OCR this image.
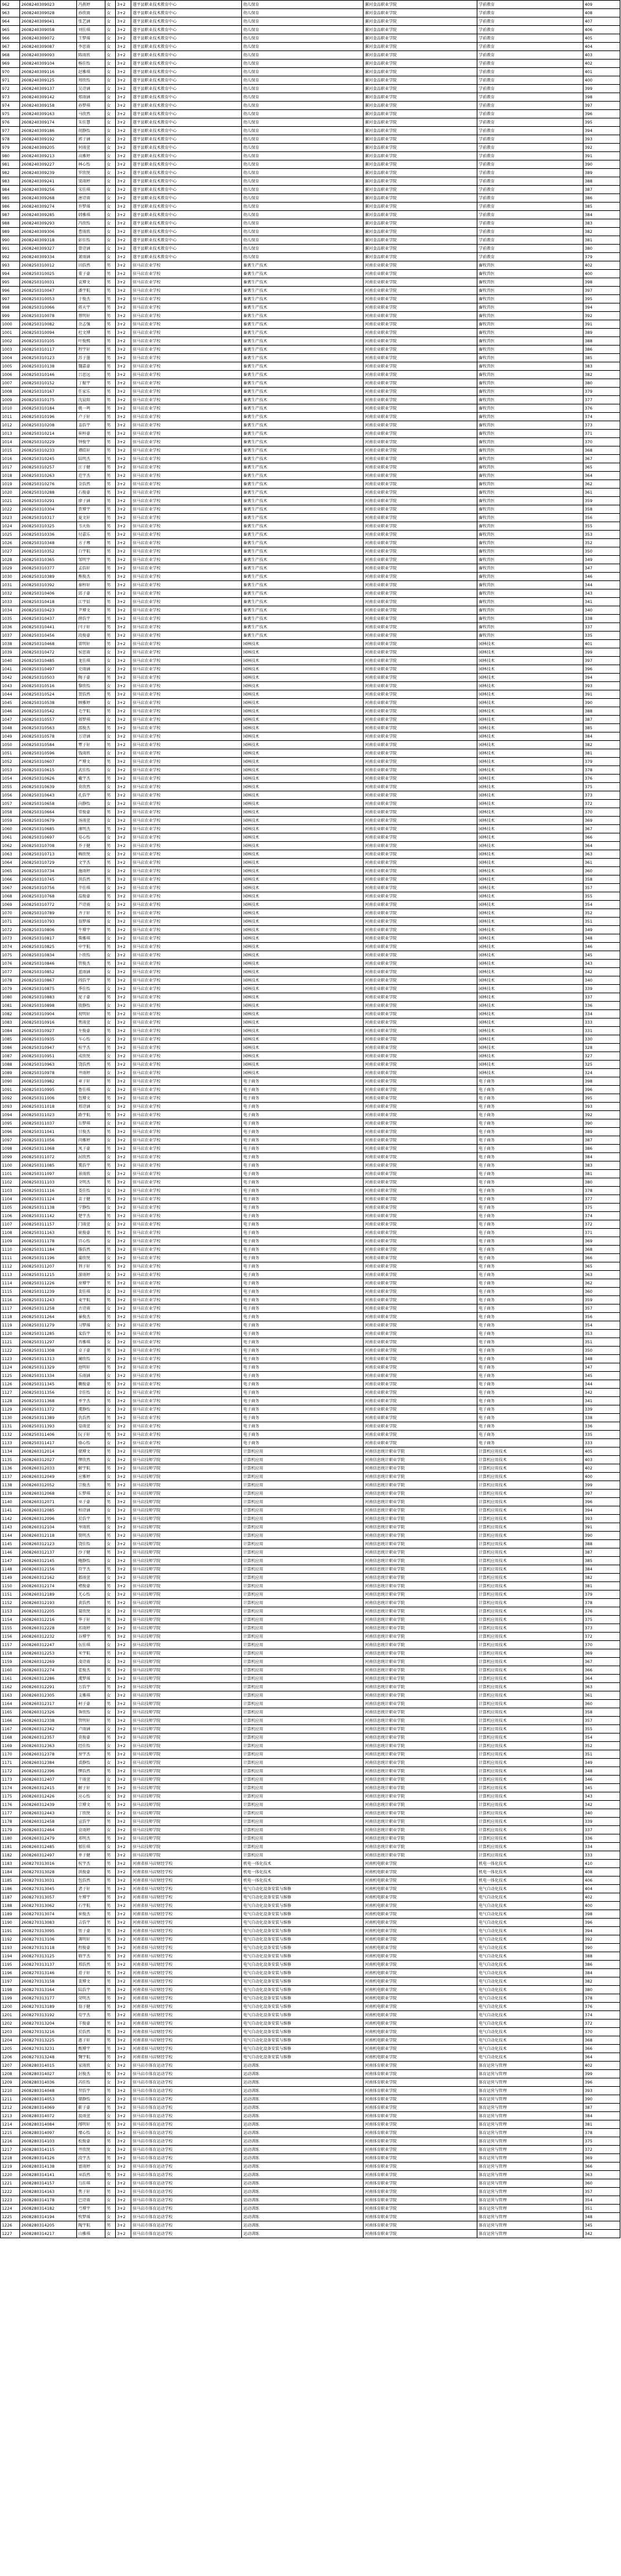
962	2608240309023	冯燕婷	女	3+2	遂平县职业技术教育中心	幼儿保育	漯河食品职业学院	学前教育	409
963	2608240309028	孙欣雨	女	3+2	遂平县职业技术教育中心	幼儿保育	漯河食品职业学院	学前教育	408
964	2608240309041	张艺涵	女	3+2	遂平县职业技术教育中心	幼儿保育	漯河食品职业学院	学前教育	407
965	2608240309058	刘佳琪	女	3+2	遂平县职业技术教育中心	幼儿保育	漯河食品职业学院	学前教育	406
966	2608240309072	王梦瑶	女	3+2	遂平县职业技术教育中心	幼儿保育	漯河食品职业学院	学前教育	405
967	2608240309087	李思雨	女	3+2	遂平县职业技术教育中心	幼儿保育	漯河食品职业学院	学前教育	404
968	2608240309093	陈雨欣	女	3+2	遂平县职业技术教育中心	幼儿保育	漯河食品职业学院	学前教育	403
969	2608240309104	杨佳怡	女	3+2	遂平县职业技术教育中心	幼儿保育	漯河食品职业学院	学前教育	402
970	2608240309116	赵雅琪	女	3+2	遂平县职业技术教育中心	幼儿保育	漯河食品职业学院	学前教育	401
971	2608240309125	周欣怡	女	3+2	遂平县职业技术教育中心	幼儿保育	漯河食品职业学院	学前教育	400
972	2608240309137	吴诗涵	女	3+2	遂平县职业技术教育中心	幼儿保育	漯河食品职业学院	学前教育	399
973	2608240309142	郑雨涵	女	3+2	遂平县职业技术教育中心	幼儿保育	漯河食品职业学院	学前教育	398
974	2608240309158	孙梦琪	女	3+2	遂平县职业技术教育中心	幼儿保育	漯河食品职业学院	学前教育	397
975	2608240309163	马欣然	女	3+2	遂平县职业技术教育中心	幼儿保育	漯河食品职业学院	学前教育	396
976	2608240309174	朱佳慧	女	3+2	遂平县职业技术教育中心	幼儿保育	漯河食品职业学院	学前教育	395
977	2608240309186	胡静怡	女	3+2	遂平县职业技术教育中心	幼儿保育	漯河食品职业学院	学前教育	394
978	2608240309192	郭子涵	女	3+2	遂平县职业技术教育中心	幼儿保育	漯河食品职业学院	学前教育	393
979	2608240309205	何雨萱	女	3+2	遂平县职业技术教育中心	幼儿保育	漯河食品职业学院	学前教育	392
980	2608240309213	高雅婷	女	3+2	遂平县职业技术教育中心	幼儿保育	漯河食品职业学院	学前教育	391
981	2608240309227	林心怡	女	3+2	遂平县职业技术教育中心	幼儿保育	漯河食品职业学院	学前教育	390
982	2608240309239	罗欣悦	女	3+2	遂平县职业技术教育中心	幼儿保育	漯河食品职业学院	学前教育	389
983	2608240309241	梁雨婷	女	3+2	遂平县职业技术教育中心	幼儿保育	漯河食品职业学院	学前教育	388
984	2608240309256	宋佳琪	女	3+2	遂平县职业技术教育中心	幼儿保育	漯河食品职业学院	学前教育	387
985	2608240309268	唐诗雨	女	3+2	遂平县职业技术教育中心	幼儿保育	漯河食品职业学院	学前教育	386
986	2608240309274	许梦瑶	女	3+2	遂平县职业技术教育中心	幼儿保育	漯河食品职业学院	学前教育	385
987	2608240309285	韩雅琪	女	3+2	遂平县职业技术教育中心	幼儿保育	漯河食品职业学院	学前教育	384
988	2608240309293	冯欣怡	女	3+2	遂平县职业技术教育中心	幼儿保育	漯河食品职业学院	学前教育	383
989	2608240309306	曹雨欣	女	3+2	遂平县职业技术教育中心	幼儿保育	漯河食品职业学院	学前教育	382
990	2608240309318	彭佳怡	女	3+2	遂平县职业技术教育中心	幼儿保育	漯河食品职业学院	学前教育	381
991	2608240309327	曾诗涵	女	3+2	遂平县职业技术教育中心	幼儿保育	漯河食品职业学院	学前教育	380
992	2608240309334	萧雨涵	女	3+2	遂平县职业技术教育中心	幼儿保育	漯河食品职业学院	学前教育	379
993	2608250310012	田浩然	男	3+2	驻马店农业学校	畜禽生产技术	河南农业职业学院	畜牧兽医	402
994	2608250310025	董子豪	男	3+2	驻马店农业学校	畜禽生产技术	河南农业职业学院	畜牧兽医	400
995	2608250310031	袁博文	男	3+2	驻马店农业学校	畜禽生产技术	河南农业职业学院	畜牧兽医	398
996	2608250310047	潘宇航	男	3+2	驻马店农业学校	畜禽生产技术	河南农业职业学院	畜牧兽医	397
997	2608250310053	于俊杰	男	3+2	驻马店农业学校	畜禽生产技术	河南农业职业学院	畜牧兽医	395
998	2608250310066	蒋天宇	男	3+2	驻马店农业学校	畜禽生产技术	河南农业职业学院	畜牧兽医	394
999	2608250310078	蔡明轩	男	3+2	驻马店农业学校	畜禽生产技术	河南农业职业学院	畜牧兽医	392
1000	2608250310082	余志强	男	3+2	驻马店农业学校	畜禽生产技术	河南农业职业学院	畜牧兽医	391
1001	2608250310094	杜文博	男	3+2	驻马店农业学校	畜禽生产技术	河南农业职业学院	畜牧兽医	389
1002	2608250310105	叶俊熙	男	3+2	驻马店农业学校	畜禽生产技术	河南农业职业学院	畜牧兽医	388
1003	2608250310117	程宇轩	男	3+2	驻马店农业学校	畜禽生产技术	河南农业职业学院	畜牧兽医	386
1004	2608250310123	苏子墨	男	3+2	驻马店农业学校	畜禽生产技术	河南农业职业学院	畜牧兽医	385
1005	2608250310138	魏嘉豪	男	3+2	驻马店农业学校	畜禽生产技术	河南农业职业学院	畜牧兽医	383
1006	2608250310146	吕思远	男	3+2	驻马店农业学校	畜禽生产技术	河南农业职业学院	畜牧兽医	382
1007	2608250310152	丁振宇	男	3+2	驻马店农业学校	畜禽生产技术	河南农业职业学院	畜牧兽医	380
1008	2608250310167	任家乐	男	3+2	驻马店农业学校	畜禽生产技术	河南农业职业学院	畜牧兽医	379
1009	2608250310175	沈晨阳	男	3+2	驻马店农业学校	畜禽生产技术	河南农业职业学院	畜牧兽医	377
1010	2608250310184	姚一鸣	男	3+2	驻马店农业学校	畜禽生产技术	河南农业职业学院	畜牧兽医	376
1011	2608250310196	卢子轩	男	3+2	驻马店农业学校	畜禽生产技术	河南农业职业学院	畜牧兽医	374
1012	2608250310208	姜浩宇	男	3+2	驻马店农业学校	畜禽生产技术	河南农业职业学院	畜牧兽医	373
1013	2608250310214	崔梓豪	男	3+2	驻马店农业学校	畜禽生产技术	河南农业职业学院	畜牧兽医	371
1014	2608250310229	钟俊宇	男	3+2	驻马店农业学校	畜禽生产技术	河南农业职业学院	畜牧兽医	370
1015	2608250310233	谭皓轩	男	3+2	驻马店农业学校	畜禽生产技术	河南农业职业学院	畜牧兽医	368
1016	2608250310245	陆明杰	男	3+2	驻马店农业学校	畜禽生产技术	河南农业职业学院	畜牧兽医	367
1017	2608250310257	汪子健	男	3+2	驻马店农业学校	畜禽生产技术	河南农业职业学院	畜牧兽医	365
1018	2608250310263	范宇杰	男	3+2	驻马店农业学校	畜禽生产技术	河南农业职业学院	畜牧兽医	364
1019	2608250310276	金浩然	男	3+2	驻马店农业学校	畜禽生产技术	河南农业职业学院	畜牧兽医	362
1020	2608250310288	石俊豪	男	3+2	驻马店农业学校	畜禽生产技术	河南农业职业学院	畜牧兽医	361
1021	2608250310291	廖子涵	男	3+2	驻马店农业学校	畜禽生产技术	河南农业职业学院	畜牧兽医	359
1022	2608250310304	贾博宇	男	3+2	驻马店农业学校	畜禽生产技术	河南农业职业学院	畜牧兽医	358
1023	2608250310317	夏文轩	男	3+2	驻马店农业学校	畜禽生产技术	河南农业职业学院	畜牧兽医	356
1024	2608250310325	韦天佑	男	3+2	驻马店农业学校	畜禽生产技术	河南农业职业学院	畜牧兽医	355
1025	2608250310336	付嘉乐	男	3+2	驻马店农业学校	畜禽生产技术	河南农业职业学院	畜牧兽医	353
1026	2608250310348	方子骞	男	3+2	驻马店农业学校	畜禽生产技术	河南农业职业学院	畜牧兽医	352
1027	2608250310352	白宇航	男	3+2	驻马店农业学校	畜禽生产技术	河南农业职业学院	畜牧兽医	350
1028	2608250310365	邹明宇	男	3+2	驻马店农业学校	畜禽生产技术	河南农业职业学院	畜牧兽医	349
1029	2608250310377	孟浩轩	男	3+2	驻马店农业学校	畜禽生产技术	河南农业职业学院	畜牧兽医	347
1030	2608250310389	熊俊杰	男	3+2	驻马店农业学校	畜禽生产技术	河南农业职业学院	畜牧兽医	346
1031	2608250310392	秦梓轩	男	3+2	驻马店农业学校	畜禽生产技术	河南农业职业学院	畜牧兽医	344
1032	2608250310406	邱子豪	男	3+2	驻马店农业学校	畜禽生产技术	河南农业职业学院	畜牧兽医	343
1033	2608250310418	江宇辰	男	3+2	驻马店农业学校	畜禽生产技术	河南农业职业学院	畜牧兽医	341
1034	2608250310423	尹博文	男	3+2	驻马店农业学校	畜禽生产技术	河南农业职业学院	畜牧兽医	340
1035	2608250310437	薛浩宇	男	3+2	驻马店农业学校	畜禽生产技术	河南农业职业学院	畜牧兽医	338
1036	2608250310441	闫子轩	男	3+2	驻马店农业学校	畜禽生产技术	河南农业职业学院	畜牧兽医	337
1037	2608250310456	段俊豪	男	3+2	驻马店农业学校	畜禽生产技术	河南农业职业学院	畜牧兽医	335
1038	2608250310468	雷明轩	男	3+2	驻马店农业学校	园林技术	河南农业职业学院	园林技术	401
1039	2608250310472	侯思雨	女	3+2	驻马店农业学校	园林技术	河南农业职业学院	园林技术	399
1040	2608250310485	龙佳琪	女	3+2	驻马店农业学校	园林技术	河南农业职业学院	园林技术	397
1041	2608250310497	史雨涵	女	3+2	驻马店农业学校	园林技术	河南农业职业学院	园林技术	396
1042	2608250310503	陶子豪	男	3+2	驻马店农业学校	园林技术	河南农业职业学院	园林技术	394
1043	2608250310516	黎欣怡	女	3+2	驻马店农业学校	园林技术	河南农业职业学院	园林技术	393
1044	2608250310524	贺浩然	男	3+2	驻马店农业学校	园林技术	河南农业职业学院	园林技术	391
1045	2608250310538	顾雅婷	女	3+2	驻马店农业学校	园林技术	河南农业职业学院	园林技术	390
1046	2608250310542	毛宇航	男	3+2	驻马店农业学校	园林技术	河南农业职业学院	园林技术	388
1047	2608250310557	郝梦琪	女	3+2	驻马店农业学校	园林技术	河南农业职业学院	园林技术	387
1048	2608250310563	邵俊杰	男	3+2	驻马店农业学校	园林技术	河南农业职业学院	园林技术	385
1049	2608250310578	万诗涵	女	3+2	驻马店农业学校	园林技术	河南农业职业学院	园林技术	384
1050	2608250310584	覃子轩	男	3+2	驻马店农业学校	园林技术	河南农业职业学院	园林技术	382
1051	2608250310596	钱雨欣	女	3+2	驻马店农业学校	园林技术	河南农业职业学院	园林技术	381
1052	2608250310607	严博文	男	3+2	驻马店农业学校	园林技术	河南农业职业学院	园林技术	379
1053	2608250310615	武佳怡	女	3+2	驻马店农业学校	园林技术	河南农业职业学院	园林技术	378
1054	2608250310626	戴宇杰	男	3+2	驻马店农业学校	园林技术	河南农业职业学院	园林技术	376
1055	2608250310639	莫欣然	女	3+2	驻马店农业学校	园林技术	河南农业职业学院	园林技术	375
1056	2608250310643	孔浩宇	男	3+2	驻马店农业学校	园林技术	河南农业职业学院	园林技术	373
1057	2608250310658	向静怡	女	3+2	驻马店农业学校	园林技术	河南农业职业学院	园林技术	372
1058	2608250310664	常俊豪	男	3+2	驻马店农业学校	园林技术	河南农业职业学院	园林技术	370
1059	2608250310679	汤雨萱	女	3+2	驻马店农业学校	园林技术	河南农业职业学院	园林技术	369
1060	2608250310685	康明杰	男	3+2	驻马店农业学校	园林技术	河南农业职业学院	园林技术	367
1061	2608250310697	易心怡	女	3+2	驻马店农业学校	园林技术	河南农业职业学院	园林技术	366
1062	2608250310708	乔子健	男	3+2	驻马店农业学校	园林技术	河南农业职业学院	园林技术	364
1063	2608250310713	赖欣悦	女	3+2	驻马店农业学校	园林技术	河南农业职业学院	园林技术	363
1064	2608250310729	文宇杰	男	3+2	驻马店农业学校	园林技术	河南农业职业学院	园林技术	361
1065	2608250310734	施雨婷	女	3+2	驻马店农业学校	园林技术	河南农业职业学院	园林技术	360
1066	2608250310745	洪浩然	男	3+2	驻马店农业学校	园林技术	河南农业职业学院	园林技术	358
1067	2608250310756	辛佳琪	女	3+2	驻马店农业学校	园林技术	河南农业职业学院	园林技术	357
1068	2608250310768	温俊豪	男	3+2	驻马店农业学校	园林技术	河南农业职业学院	园林技术	355
1069	2608250310772	芦诗雨	女	3+2	驻马店农业学校	园林技术	河南农业职业学院	园林技术	354
1070	2608250310789	齐子轩	男	3+2	驻马店农业学校	园林技术	河南农业职业学院	园林技术	352
1071	2608250310793	翁梦瑶	女	3+2	驻马店农业学校	园林技术	河南农业职业学院	园林技术	351
1072	2608250310806	牛博宇	男	3+2	驻马店农业学校	园林技术	河南农业职业学院	园林技术	349
1073	2608250310817	柴雅琪	女	3+2	驻马店农业学校	园林技术	河南农业职业学院	园林技术	348
1074	2608250310825	申宇航	男	3+2	驻马店农业学校	园林技术	河南农业职业学院	园林技术	346
1075	2608250310834	卜欣怡	女	3+2	驻马店农业学校	园林技术	河南农业职业学院	园林技术	345
1076	2608250310846	管俊杰	男	3+2	驻马店农业学校	园林技术	河南农业职业学院	园林技术	343
1077	2608250310852	蓝雨涵	女	3+2	驻马店农业学校	园林技术	河南农业职业学院	园林技术	342
1078	2608250310867	阎浩宇	男	3+2	驻马店农业学校	园林技术	河南农业职业学院	园林技术	340
1079	2608250310875	季佳怡	女	3+2	驻马店农业学校	园林技术	河南农业职业学院	园林技术	339
1080	2608250310883	庞子豪	男	3+2	驻马店农业学校	园林技术	河南农业职业学院	园林技术	337
1081	2608250310898	殷静怡	女	3+2	驻马店农业学校	园林技术	河南农业职业学院	园林技术	336
1082	2608250310904	祝明轩	男	3+2	驻马店农业学校	园林技术	河南农业职业学院	园林技术	334
1083	2608250310916	焦雨萱	女	3+2	驻马店农业学校	园林技术	河南农业职业学院	园林技术	333
1084	2608250310927	左俊豪	男	3+2	驻马店农业学校	园林技术	河南农业职业学院	园林技术	331
1085	2608250310935	车心怡	女	3+2	驻马店农业学校	园林技术	河南农业职业学院	园林技术	330
1086	2608250310947	桂宇杰	男	3+2	驻马店农业学校	园林技术	河南农业职业学院	园林技术	328
1087	2608250310951	成欣悦	女	3+2	驻马店农业学校	园林技术	河南农业职业学院	园林技术	327
1088	2608250310963	饶浩然	男	3+2	驻马店农业学校	园林技术	河南农业职业学院	园林技术	325
1089	2608250310978	井雨婷	女	3+2	驻马店农业学校	园林技术	河南农业职业学院	园林技术	324
1090	2608250310982	章子轩	男	3+2	驻马店农业学校	电子商务	河南农业职业学院	电子商务	398
1091	2608250310995	鲁佳琪	女	3+2	驻马店农业学校	电子商务	河南农业职业学院	电子商务	396
1092	2608250311006	包博文	男	3+2	驻马店农业学校	电子商务	河南农业职业学院	电子商务	395
1093	2608250311018	邢诗涵	女	3+2	驻马店农业学校	电子商务	河南农业职业学院	电子商务	393
1094	2608250311023	路宇航	男	3+2	驻马店农业学校	电子商务	河南农业职业学院	电子商务	392
1095	2608250311037	岳梦琪	女	3+2	驻马店农业学校	电子商务	河南农业职业学院	电子商务	390
1096	2608250311041	甘俊杰	男	3+2	驻马店农业学校	电子商务	河南农业职业学院	电子商务	389
1097	2608250311056	尚雅婷	女	3+2	驻马店农业学校	电子商务	河南农业职业学院	电子商务	387
1098	2608250311068	凤子豪	男	3+2	驻马店农业学校	电子商务	河南农业职业学院	电子商务	386
1099	2608250311072	屈欣然	女	3+2	驻马店农业学校	电子商务	河南农业职业学院	电子商务	384
1100	2608250311085	冀浩宇	男	3+2	驻马店农业学校	电子商务	河南农业职业学院	电子商务	383
1101	2608250311097	景雨欣	女	3+2	驻马店农业学校	电子商务	河南农业职业学院	电子商务	381
1102	2608250311103	全明杰	男	3+2	驻马店农业学校	电子商务	河南农业职业学院	电子商务	380
1103	2608250311116	娄佳怡	女	3+2	驻马店农业学校	电子商务	河南农业职业学院	电子商务	378
1104	2608250311124	苗子健	男	3+2	驻马店农业学校	电子商务	河南农业职业学院	电子商务	377
1105	2608250311138	宁静怡	女	3+2	驻马店农业学校	电子商务	河南农业职业学院	电子商务	375
1106	2608250311142	楚宇杰	男	3+2	驻马店农业学校	电子商务	河南农业职业学院	电子商务	374
1107	2608250311157	门雨萱	女	3+2	驻马店农业学校	电子商务	河南农业职业学院	电子商务	372
1108	2608250311163	耿俊豪	男	3+2	驻马店农业学校	电子商务	河南农业职业学院	电子商务	371
1109	2608250311178	宫心怡	女	3+2	驻马店农业学校	电子商务	河南农业职业学院	电子商务	369
1110	2608250311184	滕浩然	男	3+2	驻马店农业学校	电子商务	河南农业职业学院	电子商务	368
1111	2608250311196	蒲欣悦	女	3+2	驻马店农业学校	电子商务	河南农业职业学院	电子商务	366
1112	2608250311207	荆子轩	男	3+2	驻马店农业学校	电子商务	河南农业职业学院	电子商务	365
1113	2608250311215	游雨婷	女	3+2	驻马店农业学校	电子商务	河南农业职业学院	电子商务	363
1114	2608250311226	房博宇	男	3+2	驻马店农业学校	电子商务	河南农业职业学院	电子商务	362
1115	2608250311239	裴佳琪	女	3+2	驻马店农业学校	电子商务	河南农业职业学院	电子商务	360
1116	2608250311243	麦宇航	男	3+2	驻马店农业学校	电子商务	河南农业职业学院	电子商务	359
1117	2608250311258	古诗雨	女	3+2	驻马店农业学校	电子商务	河南农业职业学院	电子商务	357
1118	2608250311264	暴俊杰	男	3+2	驻马店农业学校	电子商务	河南农业职业学院	电子商务	356
1119	2608250311279	习梦瑶	女	3+2	驻马店农业学校	电子商务	河南农业职业学院	电子商务	354
1120	2608250311285	栾浩宇	男	3+2	驻马店农业学校	电子商务	河南农业职业学院	电子商务	353
1121	2608250311297	冉雅琪	女	3+2	驻马店农业学校	电子商务	河南农业职业学院	电子商务	351
1122	2608250311308	卓子豪	男	3+2	驻马店农业学校	电子商务	河南农业职业学院	电子商务	350
1123	2608250311313	蔺欣怡	女	3+2	驻马店农业学校	电子商务	河南农业职业学院	电子商务	348
1124	2608250311329	池明轩	男	3+2	驻马店农业学校	电子商务	河南农业职业学院	电子商务	347
1125	2608250311334	乐雨涵	女	3+2	驻马店农业学校	电子商务	河南农业职业学院	电子商务	345
1126	2608250311345	鞠俊豪	男	3+2	驻马店农业学校	电子商务	河南农业职业学院	电子商务	344
1127	2608250311356	幸佳怡	女	3+2	驻马店农业学校	电子商务	河南农业职业学院	电子商务	342
1128	2608250311368	单宇杰	男	3+2	驻马店农业学校	电子商务	河南农业职业学院	电子商务	341
1129	2608250311372	虞静怡	女	3+2	驻马店农业学校	电子商务	河南农业职业学院	电子商务	339
1130	2608250311389	仇浩然	男	3+2	驻马店农业学校	电子商务	河南农业职业学院	电子商务	338
1131	2608250311393	晏雨萱	女	3+2	驻马店农业学校	电子商务	河南农业职业学院	电子商务	336
1132	2608250311406	阮子轩	男	3+2	驻马店农业学校	电子商务	河南农业职业学院	电子商务	335
1133	2608250311417	骆心怡	女	3+2	驻马店农业学校	电子商务	河南农业职业学院	电子商务	333
1134	2608260312014	储博文	男	3+2	驻马店技师学院	计算机应用	河南信息统计职业学院	计算机应用技术	405
1135	2608260312027	缪欣然	女	3+2	驻马店技师学院	计算机应用	河南信息统计职业学院	计算机应用技术	403
1136	2608260312033	解宇航	男	3+2	驻马店技师学院	计算机应用	河南信息统计职业学院	计算机应用技术	402
1137	2608260312049	应雅婷	女	3+2	驻马店技师学院	计算机应用	河南信息统计职业学院	计算机应用技术	400
1138	2608260312052	宗俊杰	男	3+2	驻马店技师学院	计算机应用	河南信息统计职业学院	计算机应用技术	399
1139	2608260312068	丘梦琪	女	3+2	驻马店技师学院	计算机应用	河南信息统计职业学院	计算机应用技术	397
1140	2608260312071	巫子豪	男	3+2	驻马店技师学院	计算机应用	河南信息统计职业学院	计算机应用技术	396
1141	2608260312085	柏诗涵	女	3+2	驻马店技师学院	计算机应用	河南信息统计职业学院	计算机应用技术	394
1142	2608260312096	於浩宇	男	3+2	驻马店技师学院	计算机应用	河南信息统计职业学院	计算机应用技术	393
1143	2608260312104	岑雨欣	女	3+2	驻马店技师学院	计算机应用	河南信息统计职业学院	计算机应用技术	391
1144	2608260312118	简明杰	男	3+2	驻马店技师学院	计算机应用	河南信息统计职业学院	计算机应用技术	390
1145	2608260312123	饶佳怡	女	3+2	驻马店技师学院	计算机应用	河南信息统计职业学院	计算机应用技术	388
1146	2608260312137	沙子健	男	3+2	驻马店技师学院	计算机应用	河南信息统计职业学院	计算机应用技术	387
1147	2608260312145	鲍静怡	女	3+2	驻马店技师学院	计算机应用	河南信息统计职业学院	计算机应用技术	385
1148	2608260312156	符宇杰	男	3+2	驻马店技师学院	计算机应用	河南信息统计职业学院	计算机应用技术	384
1149	2608260312162	都雨萱	女	3+2	驻马店技师学院	计算机应用	河南信息统计职业学院	计算机应用技术	382
1150	2608260312174	褚俊豪	男	3+2	驻马店技师学院	计算机应用	河南信息统计职业学院	计算机应用技术	381
1151	2608260312189	尤心怡	女	3+2	驻马店技师学院	计算机应用	河南信息统计职业学院	计算机应用技术	379
1152	2608260312193	黄浩然	男	3+2	驻马店技师学院	计算机应用	河南信息统计职业学院	计算机应用技术	378
1153	2608260312205	聂欣悦	女	3+2	驻马店技师学院	计算机应用	河南信息统计职业学院	计算机应用技术	376
1154	2608260312216	华子轩	男	3+2	驻马店技师学院	计算机应用	河南信息统计职业学院	计算机应用技术	375
1155	2608260312228	祁雨婷	女	3+2	驻马店技师学院	计算机应用	河南信息统计职业学院	计算机应用技术	373
1156	2608260312232	谷博宇	男	3+2	驻马店技师学院	计算机应用	河南信息统计职业学院	计算机应用技术	372
1157	2608260312247	伍佳琪	女	3+2	驻马店技师学院	计算机应用	河南信息统计职业学院	计算机应用技术	370
1158	2608260312253	米宇航	男	3+2	驻马店技师学院	计算机应用	河南信息统计职业学院	计算机应用技术	369
1159	2608260312269	凌诗雨	女	3+2	驻马店技师学院	计算机应用	河南信息统计职业学院	计算机应用技术	367
1160	2608260312274	霍俊杰	男	3+2	驻马店技师学院	计算机应用	河南信息统计职业学院	计算机应用技术	366
1161	2608260312286	虞梦瑶	女	3+2	驻马店技师学院	计算机应用	河南信息统计职业学院	计算机应用技术	364
1162	2608260312291	万浩宇	男	3+2	驻马店技师学院	计算机应用	河南信息统计职业学院	计算机应用技术	363
1163	2608260312305	支雅琪	女	3+2	驻马店技师学院	计算机应用	河南信息统计职业学院	计算机应用技术	361
1164	2608260312317	柯子豪	男	3+2	驻马店技师学院	计算机应用	河南信息统计职业学院	计算机应用技术	360
1165	2608260312326	昝欣怡	女	3+2	驻马店技师学院	计算机应用	河南信息统计职业学院	计算机应用技术	358
1166	2608260312338	管明轩	男	3+2	驻马店技师学院	计算机应用	河南信息统计职业学院	计算机应用技术	357
1167	2608260312342	卢雨涵	女	3+2	驻马店技师学院	计算机应用	河南信息统计职业学院	计算机应用技术	355
1168	2608260312357	莫俊豪	男	3+2	驻马店技师学院	计算机应用	河南信息统计职业学院	计算机应用技术	354
1169	2608260312363	经佳怡	女	3+2	驻马店技师学院	计算机应用	河南信息统计职业学院	计算机应用技术	352
1170	2608260312378	房宇杰	男	3+2	驻马店技师学院	计算机应用	河南信息统计职业学院	计算机应用技术	351
1171	2608260312384	裘静怡	女	3+2	驻马店技师学院	计算机应用	河南信息统计职业学院	计算机应用技术	349
1172	2608260312396	缪浩然	男	3+2	驻马店技师学院	计算机应用	河南信息统计职业学院	计算机应用技术	348
1173	2608260312407	干雨萱	女	3+2	驻马店技师学院	计算机应用	河南信息统计职业学院	计算机应用技术	346
1174	2608260312415	解子轩	男	3+2	驻马店技师学院	计算机应用	河南信息统计职业学院	计算机应用技术	345
1175	2608260312426	应心怡	女	3+2	驻马店技师学院	计算机应用	河南信息统计职业学院	计算机应用技术	343
1176	2608260312439	宗博文	男	3+2	驻马店技师学院	计算机应用	河南信息统计职业学院	计算机应用技术	342
1177	2608260312443	丁欣悦	女	3+2	驻马店技师学院	计算机应用	河南信息统计职业学院	计算机应用技术	340
1178	2608260312458	宣浩宇	男	3+2	驻马店技师学院	计算机应用	河南信息统计职业学院	计算机应用技术	339
1179	2608260312464	贲雨婷	女	3+2	驻马店技师学院	计算机应用	河南信息统计职业学院	计算机应用技术	337
1180	2608260312479	邓明杰	男	3+2	驻马店技师学院	计算机应用	河南信息统计职业学院	计算机应用技术	336
1181	2608260312485	郁佳琪	女	3+2	驻马店技师学院	计算机应用	河南信息统计职业学院	计算机应用技术	334
1182	2608260312497	单子健	男	3+2	驻马店技师学院	计算机应用	河南信息统计职业学院	计算机应用技术	333
1183	2608270313016	杭宇杰	男	3+2	河南省驻马店财经学校	机电一体化技术	河南机电职业学院	机电一体化技术	410
1184	2608270313028	洪俊豪	男	3+2	河南省驻马店财经学校	机电一体化技术	河南机电职业学院	机电一体化技术	408
1185	2608270313031	包浩然	男	3+2	河南省驻马店财经学校	机电一体化技术	河南机电职业学院	机电一体化技术	406
1186	2608270313045	诸子轩	男	3+2	河南省驻马店财经学校	电气自动化设备安装与维修	河南机电职业学院	电气自动化技术	404
1187	2608270313057	左博宇	男	3+2	河南省驻马店财经学校	电气自动化设备安装与维修	河南机电职业学院	电气自动化技术	402
1188	2608270313062	石宇航	男	3+2	河南省驻马店财经学校	电气自动化设备安装与维修	河南机电职业学院	电气自动化技术	400
1189	2608270313074	崔俊杰	男	3+2	河南省驻马店财经学校	电气自动化设备安装与维修	河南机电职业学院	电气自动化技术	398
1190	2608270313083	吉浩宇	男	3+2	河南省驻马店财经学校	电气自动化设备安装与维修	河南机电职业学院	电气自动化技术	396
1191	2608270313095	钮子豪	男	3+2	河南省驻马店财经学校	电气自动化设备安装与维修	河南机电职业学院	电气自动化技术	394
1192	2608270313106	龚明轩	男	3+2	河南省驻马店财经学校	电气自动化设备安装与维修	河南机电职业学院	电气自动化技术	392
1193	2608270313118	程俊豪	男	3+2	河南省驻马店财经学校	电气自动化设备安装与维修	河南机电职业学院	电气自动化技术	390
1194	2608270313125	嵇宇杰	男	3+2	河南省驻马店财经学校	电气自动化设备安装与维修	河南机电职业学院	电气自动化技术	388
1195	2608270313137	邢浩然	男	3+2	河南省驻马店财经学校	电气自动化设备安装与维修	河南机电职业学院	电气自动化技术	386
1196	2608270313146	滑子轩	男	3+2	河南省驻马店财经学校	电气自动化设备安装与维修	河南机电职业学院	电气自动化技术	384
1197	2608270313158	裴博文	男	3+2	河南省驻马店财经学校	电气自动化设备安装与维修	河南机电职业学院	电气自动化技术	382
1198	2608270313164	陆浩宇	男	3+2	河南省驻马店财经学校	电气自动化设备安装与维修	河南机电职业学院	电气自动化技术	380
1199	2608270313177	荣明杰	男	3+2	河南省驻马店财经学校	电气自动化设备安装与维修	河南机电职业学院	电气自动化技术	378
1200	2608270313189	翁子健	男	3+2	河南省驻马店财经学校	电气自动化设备安装与维修	河南机电职业学院	电气自动化技术	376
1201	2608270313192	荀宇杰	男	3+2	河南省驻马店财经学校	电气自动化设备安装与维修	河南机电职业学院	电气自动化技术	374
1202	2608270313204	羊俊豪	男	3+2	河南省驻马店财经学校	电气自动化设备安装与维修	河南机电职业学院	电气自动化技术	372
1203	2608270313216	於浩然	男	3+2	河南省驻马店财经学校	电气自动化设备安装与维修	河南机电职业学院	电气自动化技术	370
1204	2608270313225	惠子轩	男	3+2	河南省驻马店财经学校	电气自动化设备安装与维修	河南机电职业学院	电气自动化技术	368
1205	2608270313231	甄博宇	男	3+2	河南省驻马店财经学校	电气自动化设备安装与维修	河南机电职业学院	电气自动化技术	366
1206	2608270313248	麴宇航	男	3+2	河南省驻马店财经学校	电气自动化设备安装与维修	河南机电职业学院	电气自动化技术	364
1207	2608280314015	家雨欣	女	3+2	驻马店市体育运动学校	运动训练	河南体育职业学院	体育运营与管理	402
1208	2608280314027	封俊杰	男	3+2	驻马店市体育运动学校	运动训练	河南体育职业学院	体育运营与管理	399
1209	2608280314036	芮佳怡	女	3+2	驻马店市体育运动学校	运动训练	河南体育职业学院	体育运营与管理	396
1210	2608280314048	羿浩宇	男	3+2	驻马店市体育运动学校	运动训练	河南体育职业学院	体育运营与管理	393
1211	2608280314053	储静怡	女	3+2	驻马店市体育运动学校	运动训练	河南体育职业学院	体育运营与管理	390
1212	2608280314069	靳子豪	男	3+2	驻马店市体育运动学校	运动训练	河南体育职业学院	体育运营与管理	387
1213	2608280314072	汲雨萱	女	3+2	驻马店市体育运动学校	运动训练	河南体育职业学院	体育运营与管理	384
1214	2608280314084	邴明轩	男	3+2	驻马店市体育运动学校	运动训练	河南体育职业学院	体育运营与管理	381
1215	2608280314097	糜心怡	女	3+2	驻马店市体育运动学校	运动训练	河南体育职业学院	体育运营与管理	378
1216	2608280314103	松俊豪	男	3+2	驻马店市体育运动学校	运动训练	河南体育职业学院	体育运营与管理	375
1217	2608280314115	井欣悦	女	3+2	驻马店市体育运动学校	运动训练	河南体育职业学院	体育运营与管理	372
1218	2608280314126	段宇杰	男	3+2	驻马店市体育运动学校	运动训练	河南体育职业学院	体育运营与管理	369
1219	2608280314138	富雨婷	女	3+2	驻马店市体育运动学校	运动训练	河南体育职业学院	体育运营与管理	366
1220	2608280314141	巫浩然	男	3+2	驻马店市体育运动学校	运动训练	河南体育职业学院	体育运营与管理	363
1221	2608280314157	乌佳琪	女	3+2	驻马店市体育运动学校	运动训练	河南体育职业学院	体育运营与管理	360
1222	2608280314163	焦子轩	男	3+2	驻马店市体育运动学校	运动训练	河南体育职业学院	体育运营与管理	357
1223	2608280314178	巴诗雨	女	3+2	驻马店市体育运动学校	运动训练	河南体育职业学院	体育运营与管理	354
1224	2608280314182	弓博宇	男	3+2	驻马店市体育运动学校	运动训练	河南体育职业学院	体育运营与管理	351
1225	2608280314194	牧梦瑶	女	3+2	驻马店市体育运动学校	运动训练	河南体育职业学院	体育运营与管理	348
1226	2608280314205	隗宇航	男	3+2	驻马店市体育运动学校	运动训练	河南体育职业学院	体育运营与管理	345
1227	2608280314217	山雅琪	女	3+2	驻马店市体育运动学校	运动训练	河南体育职业学院	体育运营与管理	342
